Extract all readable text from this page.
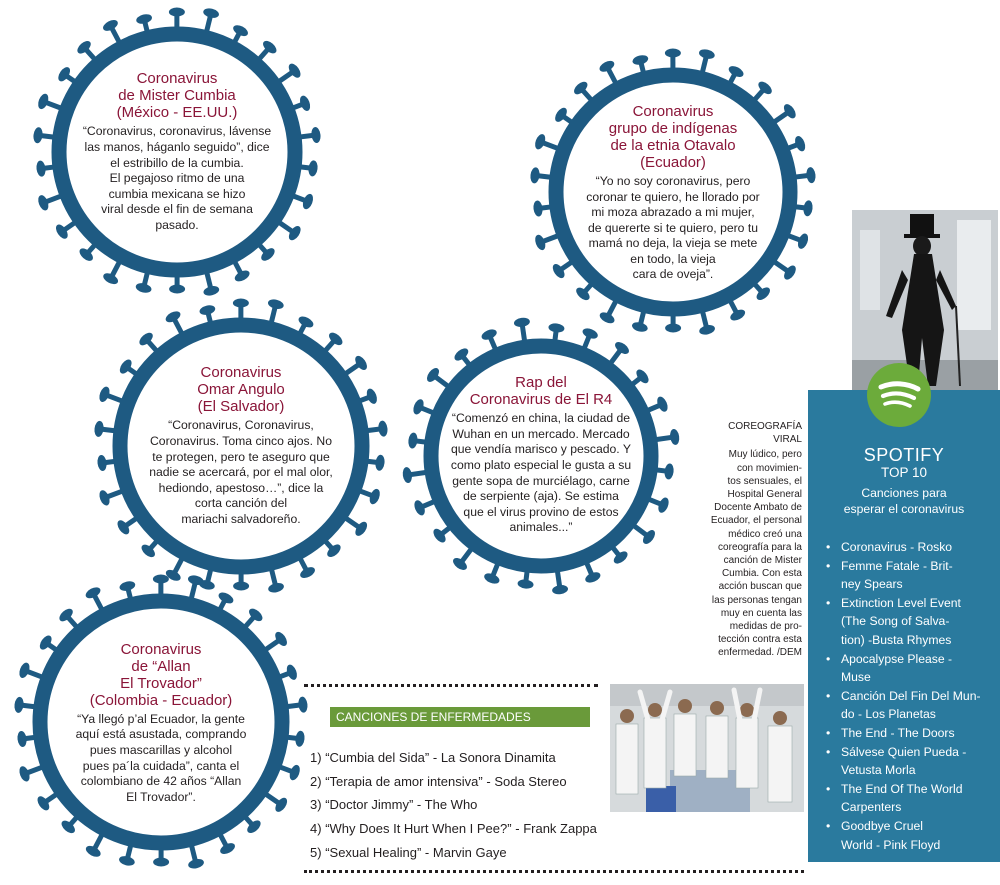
Coronavirus
de Mister Cumbia
(México - EE.UU.)

“Coronavirus, coronavirus, lávense
las manos, háganlo seguido”, dice
el estribillo de la cumbia.
El pegajoso ritmo de una
cumbia mexicana se hizo
viral desde el fin de semana
pasado.

Coronavirus
grupo de indígenas
de la etnia Otavalo
(Ecuador)

“Yo no soy coronavirus, pero
coronar te quiero, he llorado por
mi moza abrazado a mi mujer,
de quererte si te quiero, pero tu
mamá no deja, la vieja se mete
en todo, la vieja
cara de oveja”.

Coronavirus
Omar Angulo
(El Salvador)

“Coronavirus, Coronavirus,
Coronavirus. Toma cinco ajos. No
te protegen, pero te aseguro que
nadie se acercará, por el mal olor,
hediondo, apestoso…”, dice la
corta canción del
mariachi salvadoreño.

Rap del
Coronavirus de El R4

“Comenzó en china, la ciudad de
Wuhan en un mercado. Mercado
que vendía marisco y pescado. Y
como plato especial le gusta a su
gente sopa de murciélago, carne
de serpiente (aja). Se estima
que el virus provino de estos
animales...”

Coronavirus
de “Allan
El Trovador”
(Colombia - Ecuador)

“Ya llegó p’al Ecuador, la gente
aquí está asustada, comprando
pues mascarillas y alcohol
pues pa´la cuidada”, canta el
colombiano de 42 años “Allan
El Trovador”.

COREOGRAFÍA
VIRAL
Muy lúdico, pero
con movimien-
tos sensuales, el
Hospital General
Docente Ambato de
Ecuador, el personal
médico creó una
coreografía para la
canción de Mister
Cumbia. Con esta
acción buscan que
las personas tengan
muy en cuenta las
medidas de pro-
tección contra esta
enfermedad. /DEM
SPOTIFY
TOP 10
Canciones para
esperar el coronavirus
• Coronavirus - Rosko
• Femme Fatale - Brit-
ney Spears
• Extinction Level Event
(The Song of Salva-
tion) -Busta Rhymes
• Apocalypse Please -
Muse
• Canción Del Fin Del Mun-
do - Los Planetas
• The End - The Doors
• Sálvese Quien Pueda -
Vetusta Morla
• The End Of The World
Carpenters
• Goodbye Cruel
World - Pink Floyd
CANCIONES DE ENFERMEDADES
1) “Cumbia del Sida” - La Sonora Dinamita
2) “Terapia de amor intensiva” - Soda Stereo
3) “Doctor Jimmy” - The Who
4) “Why Does It Hurt When I Pee?” - Frank Zappa
5) “Sexual Healing” - Marvin Gaye
